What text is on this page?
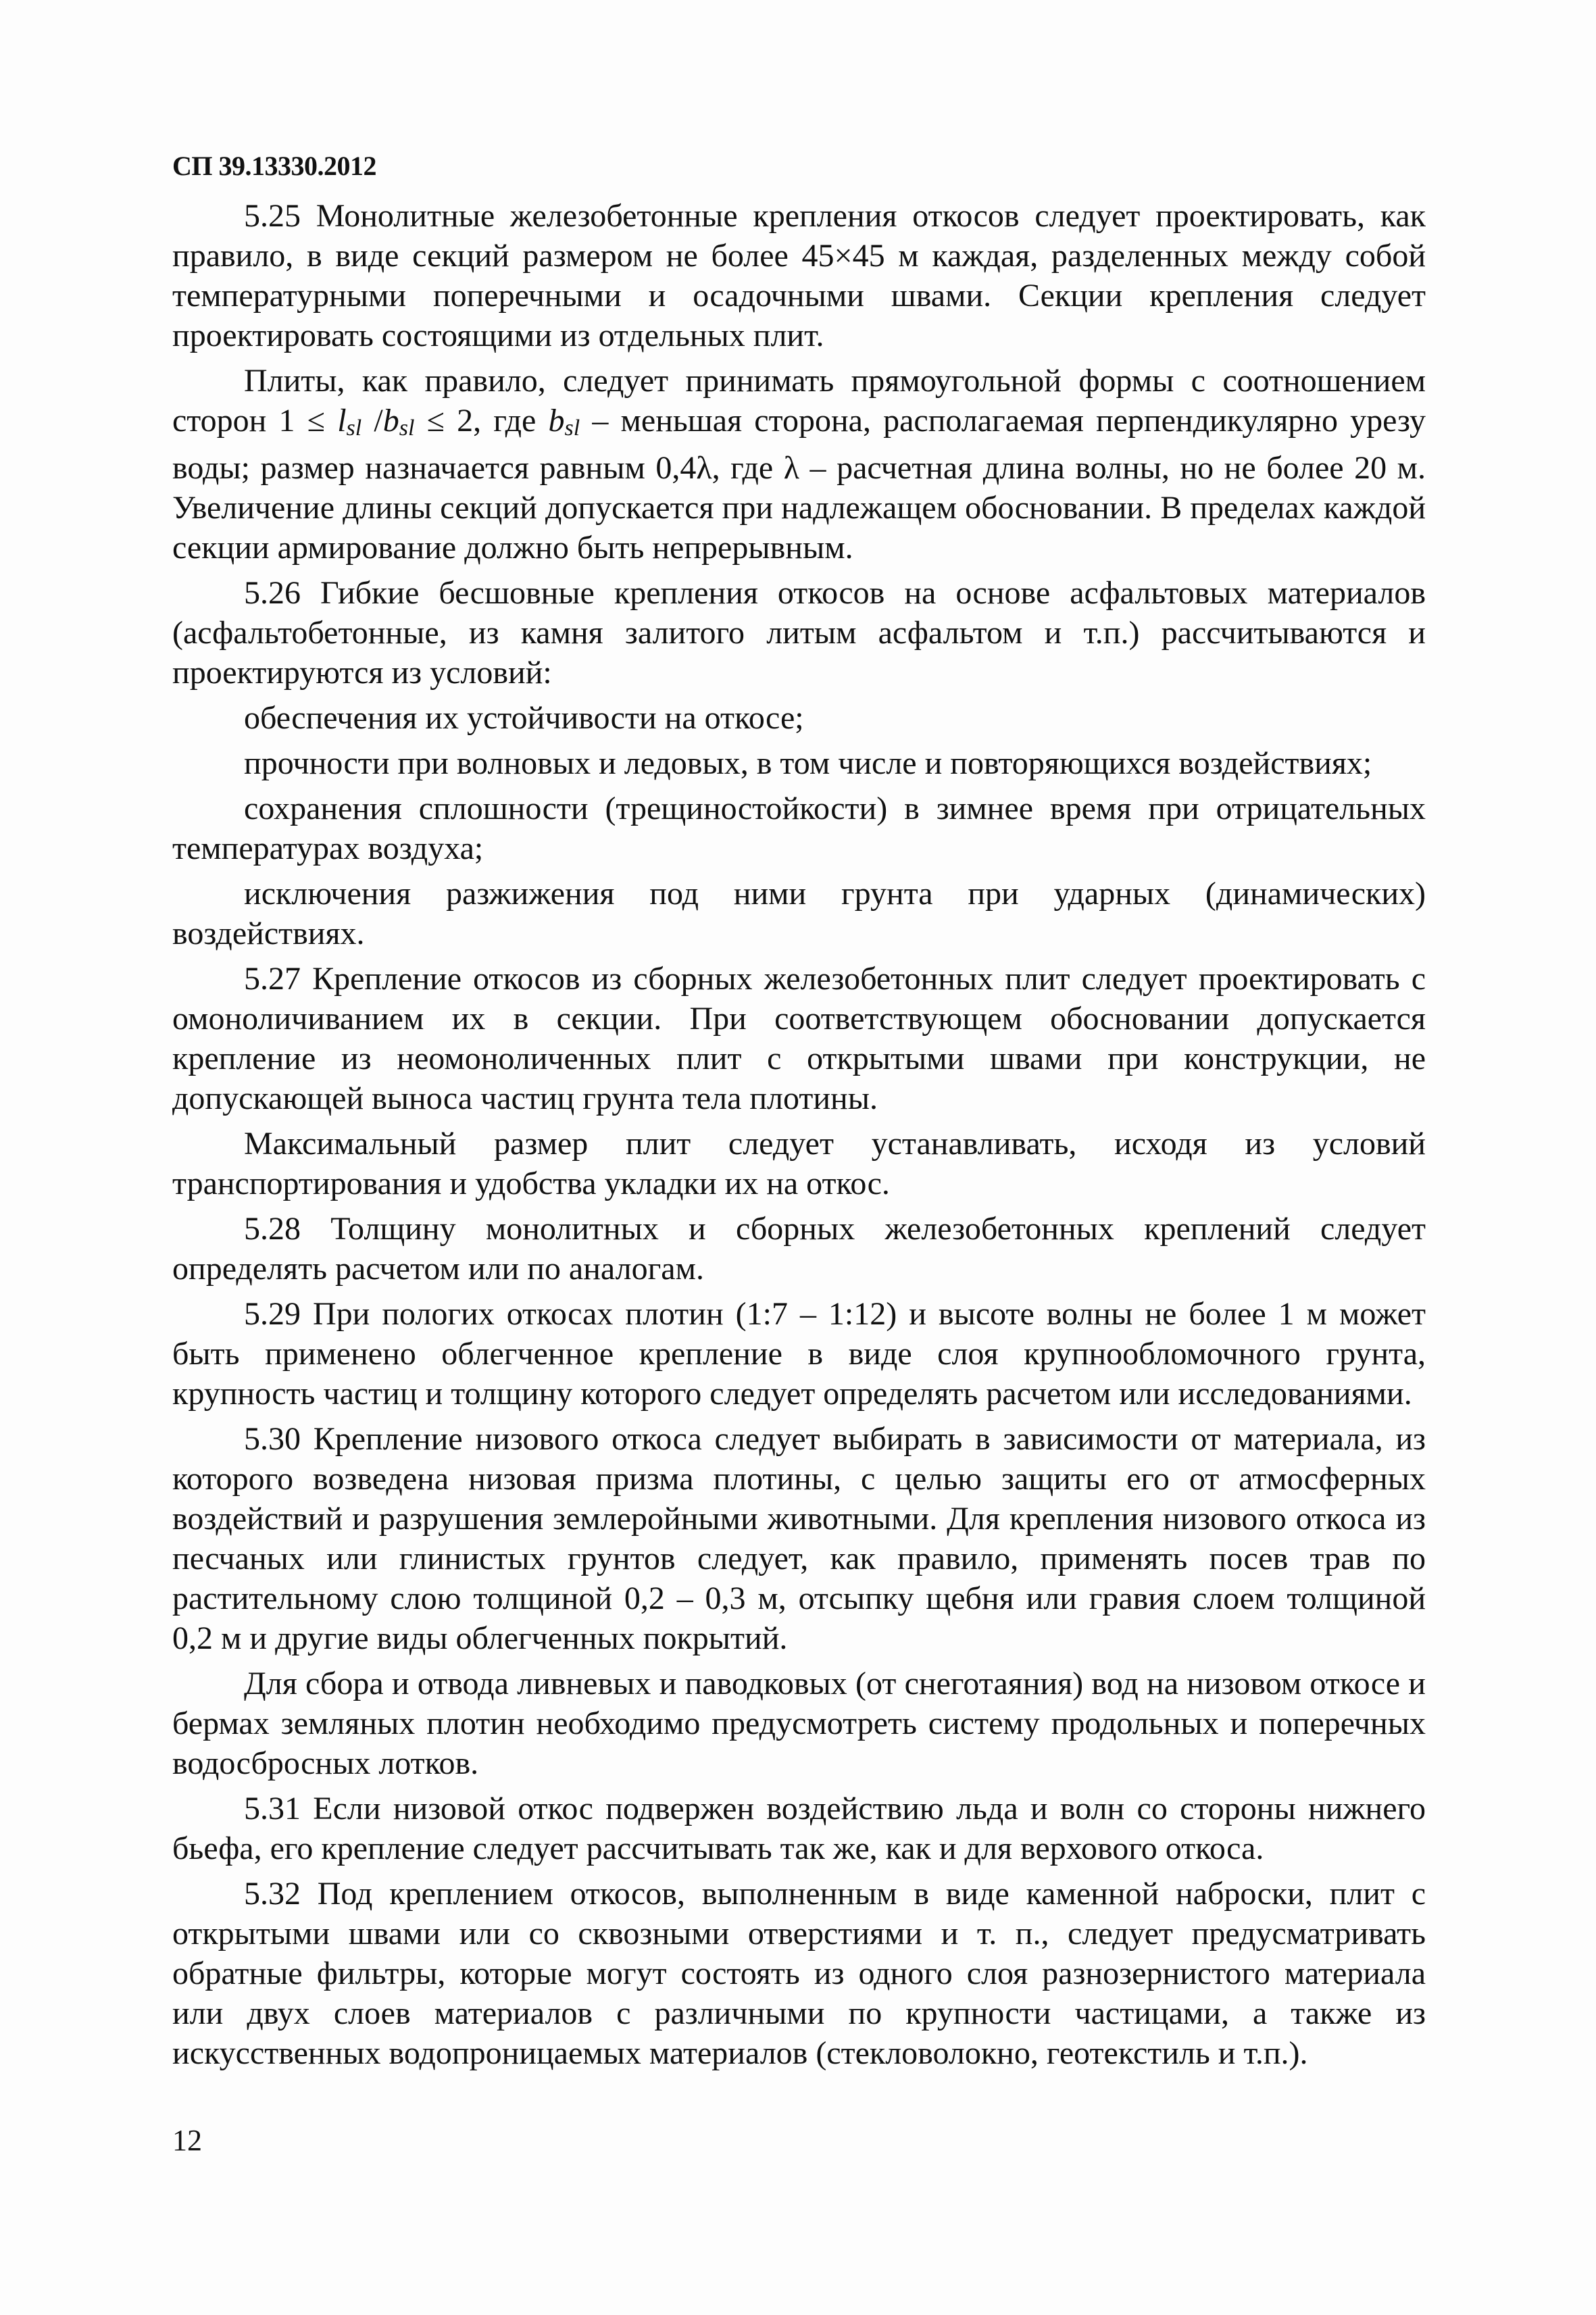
СП 39.13330.2012

5.25 Монолитные железобетонные крепления откосов следует проектировать, как правило, в виде секций размером не более 45×45 м каждая, разделенных между собой температурными поперечными и осадочными швами. Секции крепления следует проектировать состоящими из отдельных плит.

Плиты, как правило, следует принимать прямоугольной формы с соотношением сторон 1 ≤ lsl /bsl ≤ 2, где bsl – меньшая сторона, располагаемая перпендикулярно урезу воды; размер назначается равным 0,4λ, где λ – расчетная длина волны, но не более 20 м. Увеличение длины секций допускается при надлежащем обосновании. В пределах каждой секции армирование должно быть непрерывным.

5.26 Гибкие бесшовные крепления откосов на основе асфальтовых материалов (асфальтобетонные, из камня залитого литым асфальтом и т.п.) рассчитываются и проектируются из условий:

обеспечения их устойчивости на откосе;

прочности при волновых и ледовых, в том числе и повторяющихся воздействиях;

сохранения сплошности (трещиностойкости) в зимнее время при отрицательных температурах воздуха;

исключения разжижения под ними грунта при ударных (динамических) воздействиях.

5.27 Крепление откосов из сборных железобетонных плит следует проектировать с омоноличиванием их в секции. При соответствующем обосновании допускается крепление из неомоноличенных плит с открытыми швами при конструкции, не допускающей выноса частиц грунта тела плотины.

Максимальный размер плит следует устанавливать, исходя из условий транспортирования и удобства укладки их на откос.

5.28 Толщину монолитных и сборных железобетонных креплений следует определять расчетом или по аналогам.

5.29 При пологих откосах плотин (1:7 – 1:12) и высоте волны не более 1 м может быть применено облегченное крепление в виде слоя крупнообломочного грунта, крупность частиц и толщину которого следует определять расчетом или исследованиями.

5.30 Крепление низового откоса следует выбирать в зависимости от материала, из которого возведена низовая призма плотины, с целью защиты его от атмосферных воздействий и разрушения землеройными животными. Для крепления низового откоса из песчаных или глинистых грунтов следует, как правило, применять посев трав по растительному слою толщиной 0,2 – 0,3 м, отсыпку щебня или гравия слоем толщиной 0,2 м и другие виды облегченных покрытий.

Для сбора и отвода ливневых и паводковых (от снеготаяния) вод на низовом откосе и бермах земляных плотин необходимо предусмотреть систему продольных и поперечных водосбросных лотков.

5.31 Если низовой откос подвержен воздействию льда и волн со стороны нижнего бьефа, его крепление следует рассчитывать так же, как и для верхового откоса.

5.32 Под креплением откосов, выполненным в виде каменной наброски, плит с открытыми швами или со сквозными отверстиями и т. п., следует предусматривать обратные фильтры, которые могут состоять из одного слоя разнозернистого материала или двух слоев материалов с различными по крупности частицами, а также из искусственных водопроницаемых материалов (стекловолокно, геотекстиль и т.п.).

12
